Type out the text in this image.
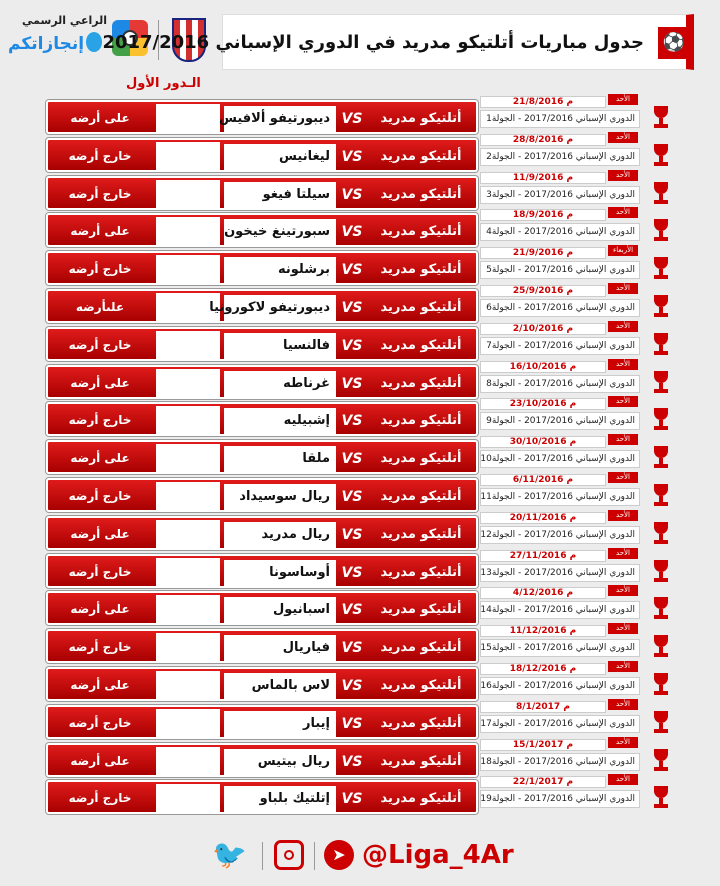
الراعي الرسمي
إنجازاتكم
الـدور الأول
جدول مباريات أتلتيكو مدريد في الدوري الإسباني 2017/2016 ⚽
على أرضه	ديبورتيفو ألافيس VS	أتلتيكو مدريد
21/8/2016 م	الأحد
الدوري الإسباني 2017/2016 - الجولة1
خارج أرضه	ليغانيس VS	أتلتيكو مدريد
28/8/2016 م	الأحد
الدوري الإسباني 2017/2016 - الجولة2
خارج أرضه	سيلتا فيغو VS	أتلتيكو مدريد
11/9/2016 م	الأحد
الدوري الإسباني 2017/2016 - الجولة3
على أرضه	سبورتينغ خيخون VS	أتلتيكو مدريد
18/9/2016 م	الأحد
الدوري الإسباني 2017/2016 - الجولة4
خارج أرضه	برشلونه VS	أتلتيكو مدريد
21/9/2016 م	الأربعاء
الدوري الإسباني 2017/2016 - الجولة5
علىأرضه	ديبورتيفو لاكورونيا VS	أتلتيكو مدريد
25/9/2016 م	الأحد
الدوري الإسباني 2017/2016 - الجولة6
خارج أرضه	فالنسيا VS	أتلتيكو مدريد
2/10/2016 م	الأحد
الدوري الإسباني 2017/2016 - الجولة7
على أرضه	غرناطه VS	أتلتيكو مدريد
16/10/2016 م	الأحد
الدوري الإسباني 2017/2016 - الجولة8
خارج أرضه	إشبيليه VS	أتلتيكو مدريد
23/10/2016 م	الأحد
الدوري الإسباني 2017/2016 - الجولة9
على أرضه	ملقا VS	أتلتيكو مدريد
30/10/2016 م	الأحد
الدوري الإسباني 2017/2016 - الجولة10
خارج أرضه	ريال سوسيداد VS	أتلتيكو مدريد
6/11/2016 م	الأحد
الدوري الإسباني 2017/2016 - الجولة11
على أرضه	ريال مدريد VS	أتلتيكو مدريد
20/11/2016 م	الأحد
الدوري الإسباني 2017/2016 - الجولة12
خارج أرضه	أوساسونا VS	أتلتيكو مدريد
27/11/2016 م	الأحد
الدوري الإسباني 2017/2016 - الجولة13
على أرضه	اسبانيول VS	أتلتيكو مدريد
4/12/2016 م	الأحد
الدوري الإسباني 2017/2016 - الجولة14
خارج أرضه	فياريال VS	أتلتيكو مدريد
11/12/2016 م	الأحد
الدوري الإسباني 2017/2016 - الجولة15
على أرضه	لاس بالماس VS	أتلتيكو مدريد
18/12/2016 م	الأحد
الدوري الإسباني 2017/2016 - الجولة16
خارج أرضه	إيبار VS	أتلتيكو مدريد
8/1/2017 م	الأحد
الدوري الإسباني 2017/2016 - الجولة17
على أرضه	ريال بيتيس VS	أتلتيكو مدريد
15/1/2017 م	الأحد
الدوري الإسباني 2017/2016 - الجولة18
خارج أرضه	إتلتيك بلباو VS	أتلتيكو مدريد
22/1/2017 م	الأحد
الدوري الإسباني 2017/2016 - الجولة19
🐦	➤ @Liga_4Ar
